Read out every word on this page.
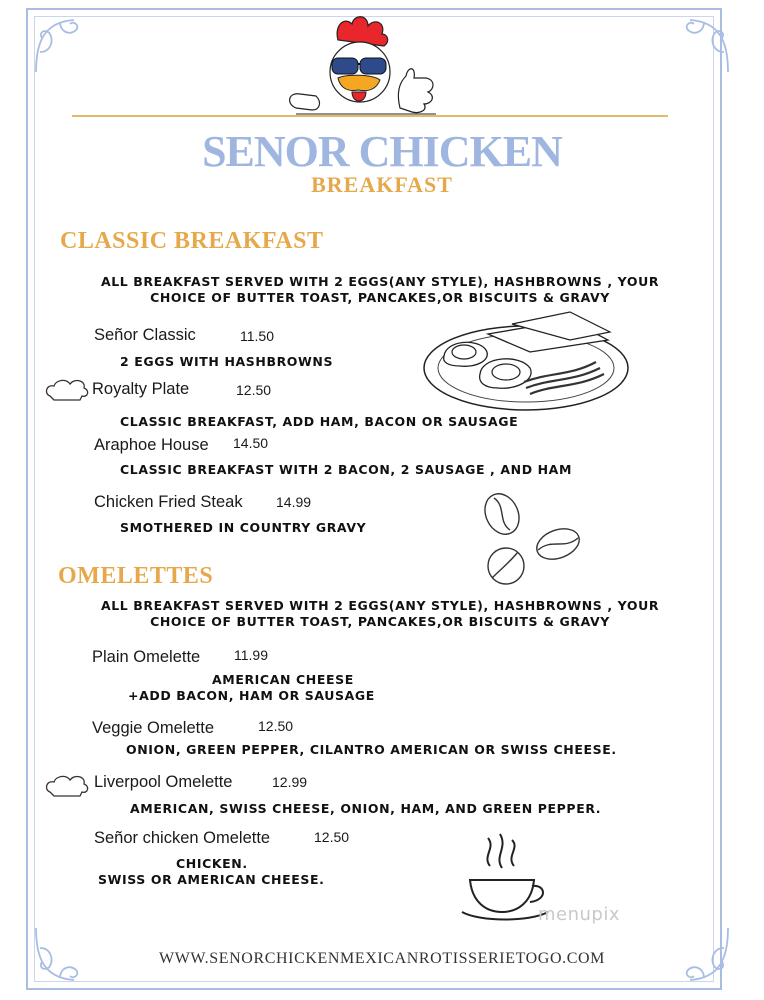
SENOR CHICKEN
BREAKFAST
CLASSIC BREAKFAST
ALL BREAKFAST SERVED WITH 2 EGGS(ANY STYLE), HASHBROWNS , YOUR
CHOICE OF BUTTER TOAST, PANCAKES,OR BISCUITS & GRAVY
Señor Classic	11.50
2 EGGS WITH HASHBROWNS
Royalty Plate	12.50
CLASSIC BREAKFAST, ADD HAM, BACON OR SAUSAGE
Araphoe House 14.50
CLASSIC BREAKFAST WITH 2 BACON, 2 SAUSAGE , AND HAM
Chicken Fried Steak 14.99
SMOTHERED IN COUNTRY GRAVY
OMELETTES
ALL BREAKFAST SERVED WITH 2 EGGS(ANY STYLE), HASHBROWNS , YOUR
CHOICE OF BUTTER TOAST, PANCAKES,OR BISCUITS & GRAVY
Plain Omelette 11.99
AMERICAN CHEESE
+ADD BACON, HAM OR SAUSAGE
Veggie Omelette	12.50
ONION, GREEN PEPPER, CILANTRO AMERICAN OR SWISS CHEESE.
Liverpool Omelette	12.99
AMERICAN, SWISS CHEESE, ONION, HAM, AND GREEN PEPPER.
Señor chicken Omelette	12.50
CHICKEN.
SWISS OR AMERICAN CHEESE.
menupix
WWW.SENORCHICKENMEXICANROTISSERIETOGO.COM
